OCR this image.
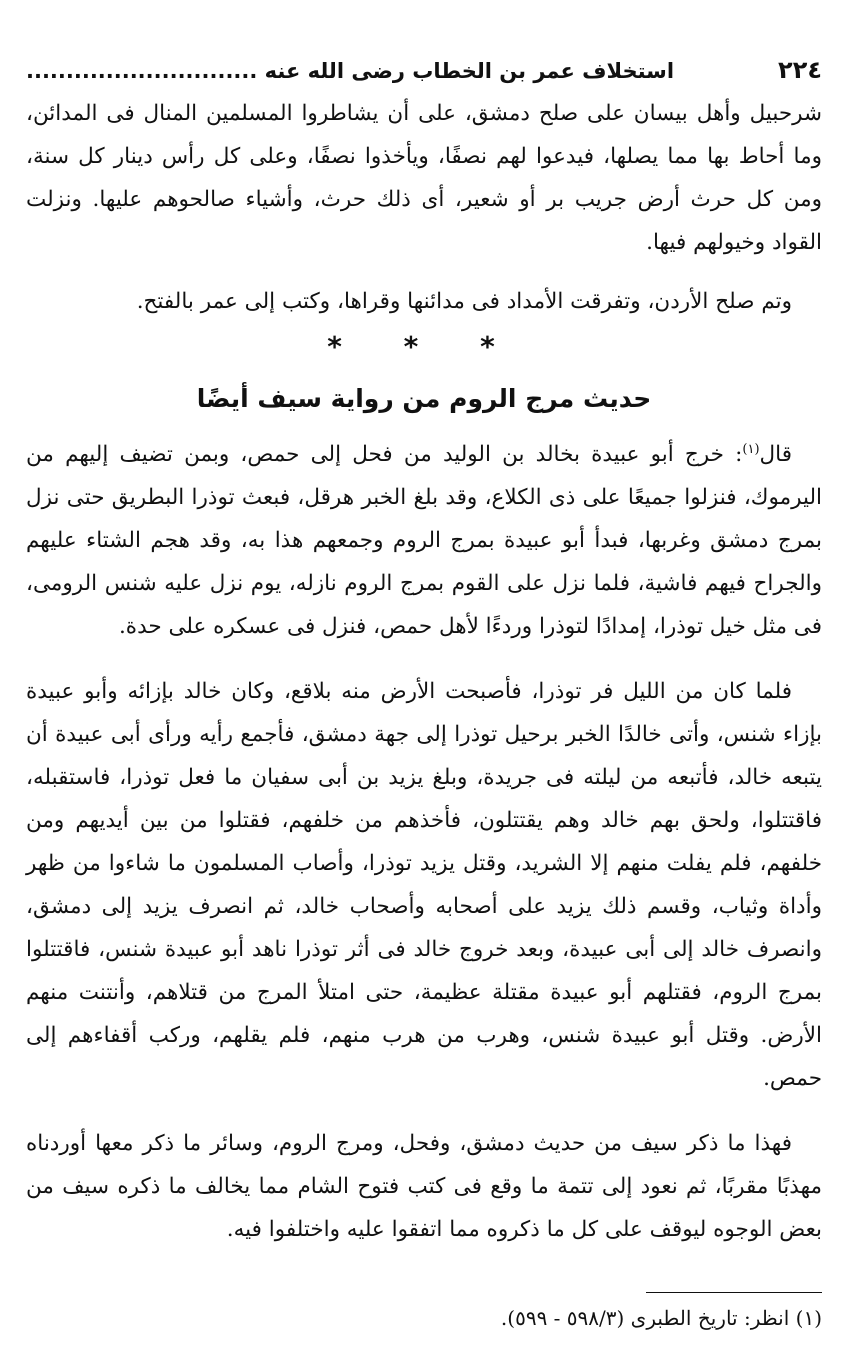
٢٢٤
استخلاف عمر بن الخطاب رضى الله عنه .............................

شرحبيل وأهل بيسان على صلح دمشق، على أن يشاطروا المسلمين المنال فى المدائن، وما أحاط بها مما يصلها، فيدعوا لهم نصفًا، ويأخذوا نصفًا، وعلى كل رأس دينار كل سنة، ومن كل حرث أرض جريب بر أو شعير، أى ذلك حرث، وأشياء صالحوهم عليها. ونزلت القواد وخيولهم فيها.

وتم صلح الأردن، وتفرقت الأمداد فى مدائنها وقراها، وكتب إلى عمر بالفتح.

* * *
حديث مرج الروم من رواية سيف أيضًا

قال$^{(١)}$: خرج أبو عبيدة بخالد بن الوليد من فحل إلى حمص، وبمن تضيف إليهم من اليرموك، فنزلوا جميعًا على ذى الكلاع، وقد بلغ الخبر هرقل، فبعث توذرا البطريق حتى نزل بمرج دمشق وغربها، فبدأ أبو عبيدة بمرج الروم وجمعهم هذا به، وقد هجم الشتاء عليهم والجراح فيهم فاشية، فلما نزل على القوم بمرج الروم نازله، يوم نزل عليه شنس الرومى، فى مثل خيل توذرا، إمدادًا لتوذرا وردءًا لأهل حمص، فنزل فى عسكره على حدة.

فلما كان من الليل فر توذرا، فأصبحت الأرض منه بلاقع، وكان خالد بإزائه وأبو عبيدة بإزاء شنس، وأتى خالدًا الخبر برحيل توذرا إلى جهة دمشق، فأجمع رأيه ورأى أبى عبيدة أن يتبعه خالد، فأتبعه من ليلته فى جريدة، وبلغ يزيد بن أبى سفيان ما فعل توذرا، فاستقبله، فاقتتلوا، ولحق بهم خالد وهم يقتتلون، فأخذهم من خلفهم، فقتلوا من بين أيديهم ومن خلفهم، فلم يفلت منهم إلا الشريد، وقتل يزيد توذرا، وأصاب المسلمون ما شاءوا من ظهر وأداة وثياب، وقسم ذلك يزيد على أصحابه وأصحاب خالد، ثم انصرف يزيد إلى دمشق، وانصرف خالد إلى أبى عبيدة، وبعد خروج خالد فى أثر توذرا ناهد أبو عبيدة شنس، فاقتتلوا بمرج الروم، فقتلهم أبو عبيدة مقتلة عظيمة، حتى امتلأ المرج من قتلاهم، وأنتنت منهم الأرض. وقتل أبو عبيدة شنس، وهرب من هرب منهم، فلم يقلهم، وركب أقفاءهم إلى حمص.

فهذا ما ذكر سيف من حديث دمشق، وفحل، ومرج الروم، وسائر ما ذكر معها أوردناه مهذبًا مقربًا، ثم نعود إلى تتمة ما وقع فى كتب فتوح الشام مما يخالف ما ذكره سيف من بعض الوجوه ليوقف على كل ما ذكروه مما اتفقوا عليه واختلفوا فيه.

(١) انظر: تاريخ الطبرى (٥٩٨/٣ - ٥٩٩).
